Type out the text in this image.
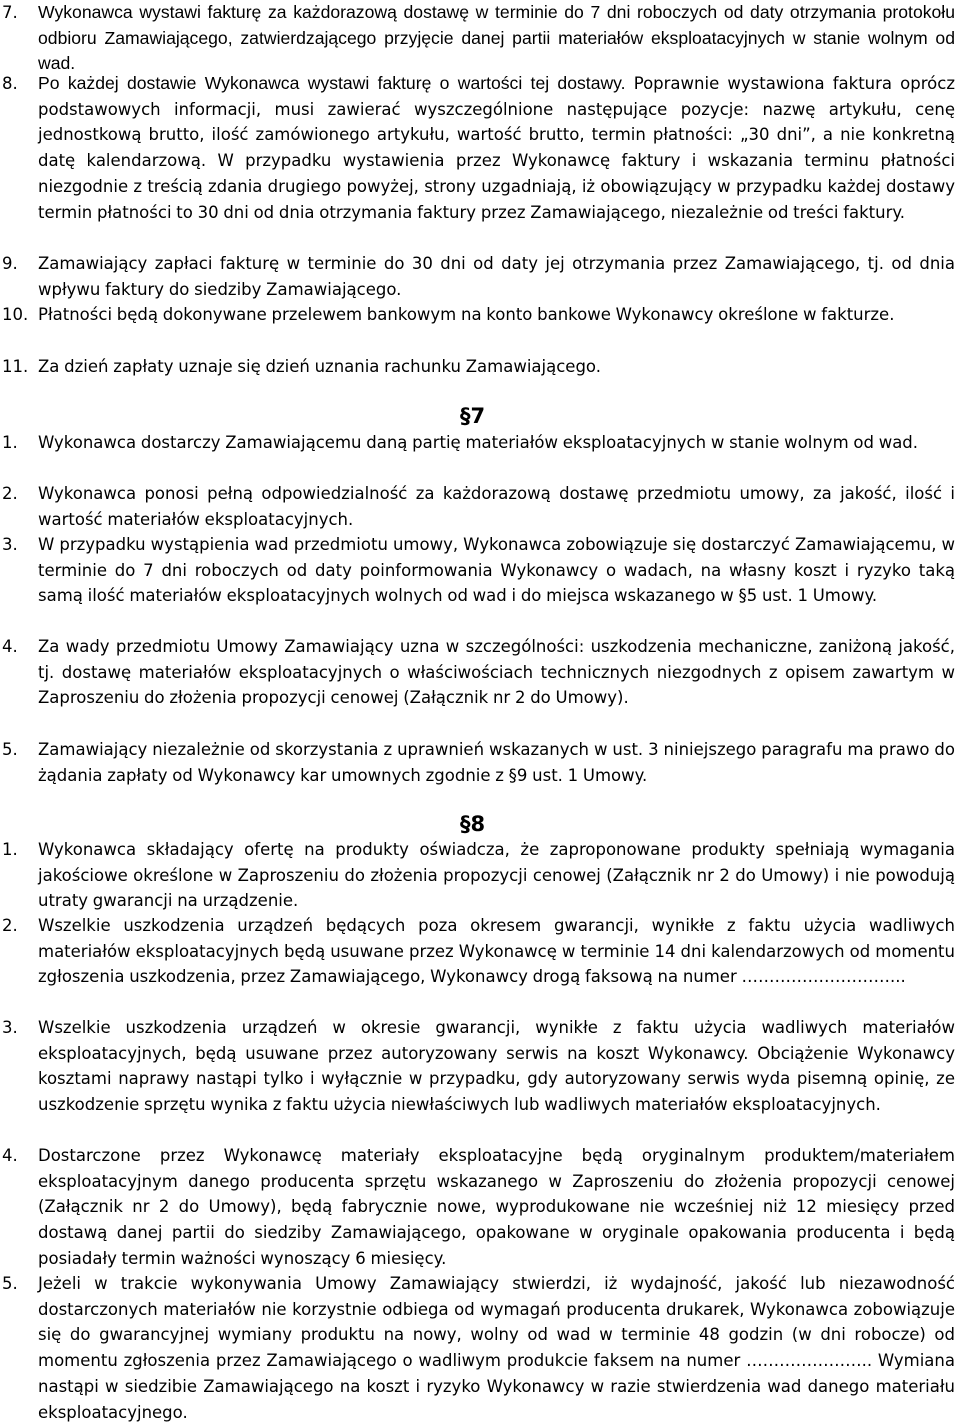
7. Wykonawca wystawi fakturę za każdorazową dostawę w terminie do 7 dni roboczych od daty otrzymania protokołu odbioru Zamawiającego, zatwierdzającego przyjęcie danej partii materiałów eksploatacyjnych w stanie wolnym od wad.

8. Po każdej dostawie Wykonawca wystawi fakturę o wartości tej dostawy. Poprawnie wystawiona faktura oprócz podstawowych informacji, musi zawierać wyszczególnione następujące pozycje: nazwę artykułu, cenę jednostkową brutto, ilość zamówionego artykułu, wartość brutto, termin płatności: „30 dni”, a nie konkretną datę kalendarzową. W przypadku wystawienia przez Wykonawcę faktury i wskazania terminu płatności niezgodnie z treścią zdania drugiego powyżej, strony uzgadniają, iż obowiązujący w przypadku każdej dostawy termin płatności to 30 dni od dnia otrzymania faktury przez Zamawiającego, niezależnie od treści faktury.

9. Zamawiający zapłaci fakturę w terminie do 30 dni od daty jej otrzymania przez Zamawiającego, tj. od dnia wpływu faktury do siedziby Zamawiającego.

10. Płatności będą dokonywane przelewem bankowym na konto bankowe Wykonawcy określone w fakturze.

11. Za dzień zapłaty uznaje się dzień uznania rachunku Zamawiającego.

§7
1. Wykonawca dostarczy Zamawiającemu daną partię materiałów eksploatacyjnych w stanie wolnym od wad.

2. Wykonawca ponosi pełną odpowiedzialność za każdorazową dostawę przedmiotu umowy, za jakość, ilość i wartość materiałów eksploatacyjnych.

3. W przypadku wystąpienia wad przedmiotu umowy, Wykonawca zobowiązuje się dostarczyć Zamawiającemu, w terminie do 7 dni roboczych od daty poinformowania Wykonawcy o wadach, na własny koszt i ryzyko taką samą ilość materiałów eksploatacyjnych wolnych od wad i do miejsca wskazanego w §5 ust. 1 Umowy.

4. Za wady przedmiotu Umowy Zamawiający uzna w szczególności: uszkodzenia mechaniczne, zaniżoną jakość, tj. dostawę materiałów eksploatacyjnych o właściwościach technicznych niezgodnych z opisem zawartym w Zaproszeniu do złożenia propozycji cenowej (Załącznik nr 2 do Umowy).

5. Zamawiający niezależnie od skorzystania z uprawnień wskazanych w ust. 3 niniejszego paragrafu ma prawo do żądania zapłaty od Wykonawcy kar umownych zgodnie z §9 ust. 1 Umowy.

§8
1. Wykonawca składający ofertę na produkty oświadcza, że zaproponowane produkty spełniają wymagania jakościowe określone w Zaproszeniu do złożenia propozycji cenowej (Załącznik nr 2 do Umowy) i nie powodują utraty gwarancji na urządzenie.

2. Wszelkie uszkodzenia urządzeń będących poza okresem gwarancji, wynikłe z faktu użycia wadliwych materiałów eksploatacyjnych będą usuwane przez Wykonawcę w terminie 14 dni kalendarzowych od momentu zgłoszenia uszkodzenia, przez Zamawiającego, Wykonawcy drogą faksową na numer ………………………...

3. Wszelkie uszkodzenia urządzeń w okresie gwarancji, wynikłe z faktu użycia wadliwych materiałów eksploatacyjnych, będą usuwane przez autoryzowany serwis na koszt Wykonawcy. Obciążenie Wykonawcy kosztami naprawy nastąpi tylko i wyłącznie w przypadku, gdy autoryzowany serwis wyda pisemną opinię, ze uszkodzenie sprzętu wynika z faktu użycia niewłaściwych lub wadliwych materiałów eksploatacyjnych.

4. Dostarczone przez Wykonawcę materiały eksploatacyjne będą oryginalnym produktem/materiałem eksploatacyjnym danego producenta sprzętu wskazanego w Zaproszeniu do złożenia propozycji cenowej (Załącznik nr 2 do Umowy), będą fabrycznie nowe, wyprodukowane nie wcześniej niż 12 miesięcy przed dostawą danej partii do siedziby Zamawiającego, opakowane w oryginale opakowania producenta i będą posiadały termin ważności wynoszący 6 miesięcy.

5. Jeżeli w trakcie wykonywania Umowy Zamawiający stwierdzi, iż wydajność, jakość lub niezawodność dostarczonych materiałów nie korzystnie odbiega od wymagań producenta drukarek, Wykonawca zobowiązuje się do gwarancyjnej wymiany produktu na nowy, wolny od wad w terminie 48 godzin (w dni robocze) od momentu zgłoszenia przez Zamawiającego o wadliwym produkcie faksem na numer ………………….. Wymiana nastąpi w siedzibie Zamawiającego na koszt i ryzyko Wykonawcy w razie stwierdzenia wad danego materiału eksploatacyjnego.
